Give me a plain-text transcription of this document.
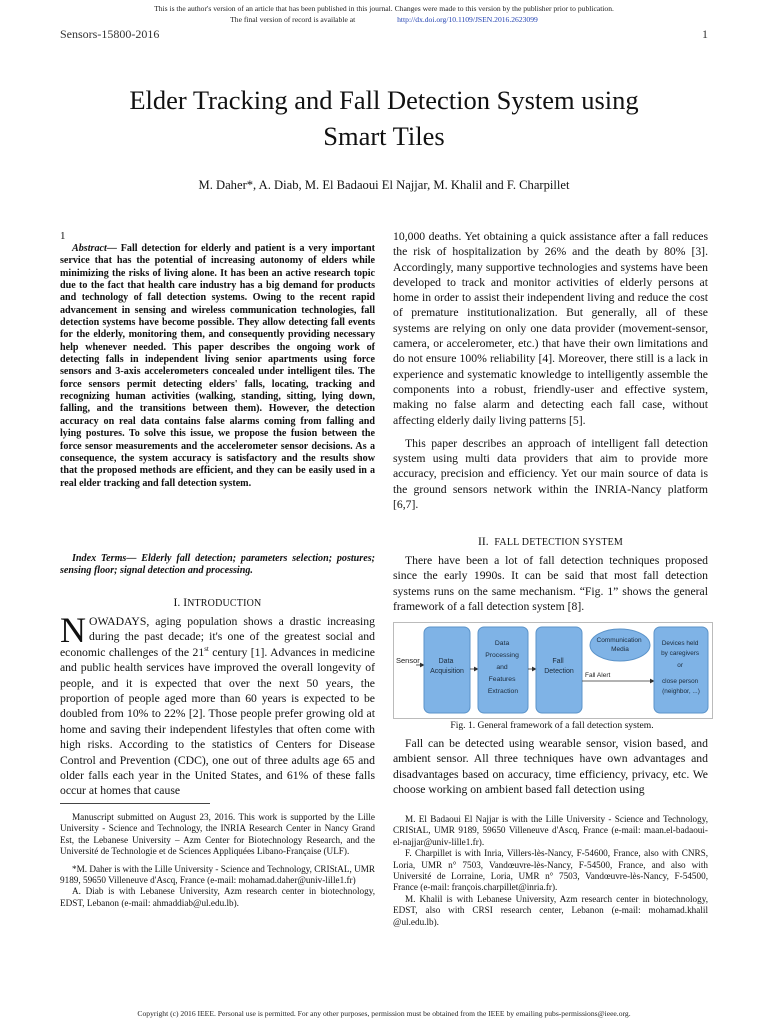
This is the author's version of an article that has been published in this journal. Changes were made to this version by the publisher prior to publication.
The final version of record is available at	http://dx.doi.org/10.1109/JSEN.2016.2623099
Sensors-15800-2016	1
Elder Tracking and Fall Detection System using
Smart Tiles
M. Daher*, A. Diab, M. El Badaoui El Najjar, M. Khalil and F. Charpillet
1
Abstract— Fall detection for elderly and patient is a very important service that has the potential of increasing autonomy of elders while minimizing the risks of living alone. It has been an active research topic due to the fact that health care industry has a big demand for products and technology of fall detection systems. Owing to the recent rapid advancement in sensing and wireless communication technologies, fall detection systems have become possible. They allow detecting fall events for the elderly, monitoring them, and consequently providing necessary help whenever needed. This paper describes the ongoing work of detecting falls in independent living senior apartments using force sensors and 3-axis accelerometers concealed under intelligent tiles. The force sensors permit detecting elders' falls, locating, tracking and recognizing human activities (walking, standing, sitting, lying down, falling, and the transitions between them). However, the detection accuracy on real data contains false alarms coming from falling and lying postures. To solve this issue, we propose the fusion between the force sensor measurements and the accelerometer sensor decisions. As a consequence, the system accuracy is satisfactory and the results show that the proposed methods are efficient, and they can be easily used in a real elder tracking and fall detection system.
Index Terms— Elderly fall detection; parameters selection; postures; sensing floor; signal detection and processing.
I. INTRODUCTION
NOWADAYS, aging population shows a drastic increasing during the past decade; it's one of the greatest social and economic challenges of the 21st century [1]. Advances in medicine and public health services have improved the overall longevity of people, and it is expected that over the next 50 years, the proportion of people aged more than 60 years is expected to be doubled from 10% to 22% [2]. Those people prefer growing old at home and saving their independent lifestyles that often come with high risks. According to the statistics of Centers for Disease Control and Prevention (CDC), one out of three adults age 65 and older falls each year in the United States, and 61% of these falls occur at homes that cause

Manuscript submitted on August 23, 2016. This work is supported by the Lille University - Science and Technology, the INRIA Research Center in Nancy Grand Est, the Lebanese University – Azm Center for Biotechnology Research, and the Université de Technologie et de Sciences Appliquées Libano-Française (ULF).

*M. Daher is with the Lille University - Science and Technology, CRIStAL, UMR 9189, 59650 Villeneuve d'Ascq, France (e-mail: mohamad.daher@univ-lille1.fr)

A. Diab is with Lebanese University, Azm research center in biotechnology, EDST, Lebanon (e-mail: ahmaddiab@ul.edu.lb).

10,000 deaths. Yet obtaining a quick assistance after a fall reduces the risk of hospitalization by 26% and the death by 80% [3]. Accordingly, many supportive technologies and systems have been developed to track and monitor activities of elderly persons at home in order to assist their independent living and reduce the cost of premature institutionalization. But generally, all of these systems are relying on only one data provider (movement-sensor, camera, or accelerometer, etc.) that have their own limitations and do not ensure 100% reliability [4]. Moreover, there still is a lack in experience and systematic knowledge to intelligently assemble the components into a robust, friendly-user and effective system, making no false alarm and detecting each fall case, without affecting elderly daily living patterns [5].

This paper describes an approach of intelligent fall detection system using multi data providers that aim to provide more accuracy, precision and efficiency. Yet our main source of data is the ground sensors network within the INRIA-Nancy platform [6,7].

II. FALL DETECTION SYSTEM

There have been a lot of fall detection techniques proposed since the early 1990s. It can be said that most fall detection systems runs on the same mechanism. “Fig. 1” shows the general framework of a fall detection system [8].

Sensor	Data Acquisition
Data Processing and Features Extraction
Fall Detection
Communication Media
Fall Alert
Devices held by caregivers or close person (neighbor, ...)
Fig. 1. General framework of a fall detection system.

Fall can be detected using wearable sensor, vision based, and ambient sensor. All three techniques have own advantages and disadvantages based on accuracy, time efficiency, privacy, etc. We choose working on ambient based fall detection using

M. El Badaoui El Najjar is with the Lille University - Science and Technology, CRIStAL, UMR 9189, 59650 Villeneuve d'Ascq, France (e-mail: maan.el-badaoui-el-najjar@univ-lille1.fr).

F. Charpillet is with Inria, Villers-lès-Nancy, F-54600, France, also with CNRS, Loria, UMR n° 7503, Vandœuvre-lès-Nancy, F-54500, France, and also with Université de Lorraine, Loria, UMR n° 7503, Vandœuvre-lès-Nancy, F-54500, France (e-mail: françois.charpillet@inria.fr).

M. Khalil is with Lebanese University, Azm research center in biotechnology, EDST, also with CRSI research center, Lebanon (e-mail: mohamad.khalil @ul.edu.lb).

Copyright (c) 2016 IEEE. Personal use is permitted. For any other purposes, permission must be obtained from the IEEE by emailing pubs-permissions@ieee.org.
